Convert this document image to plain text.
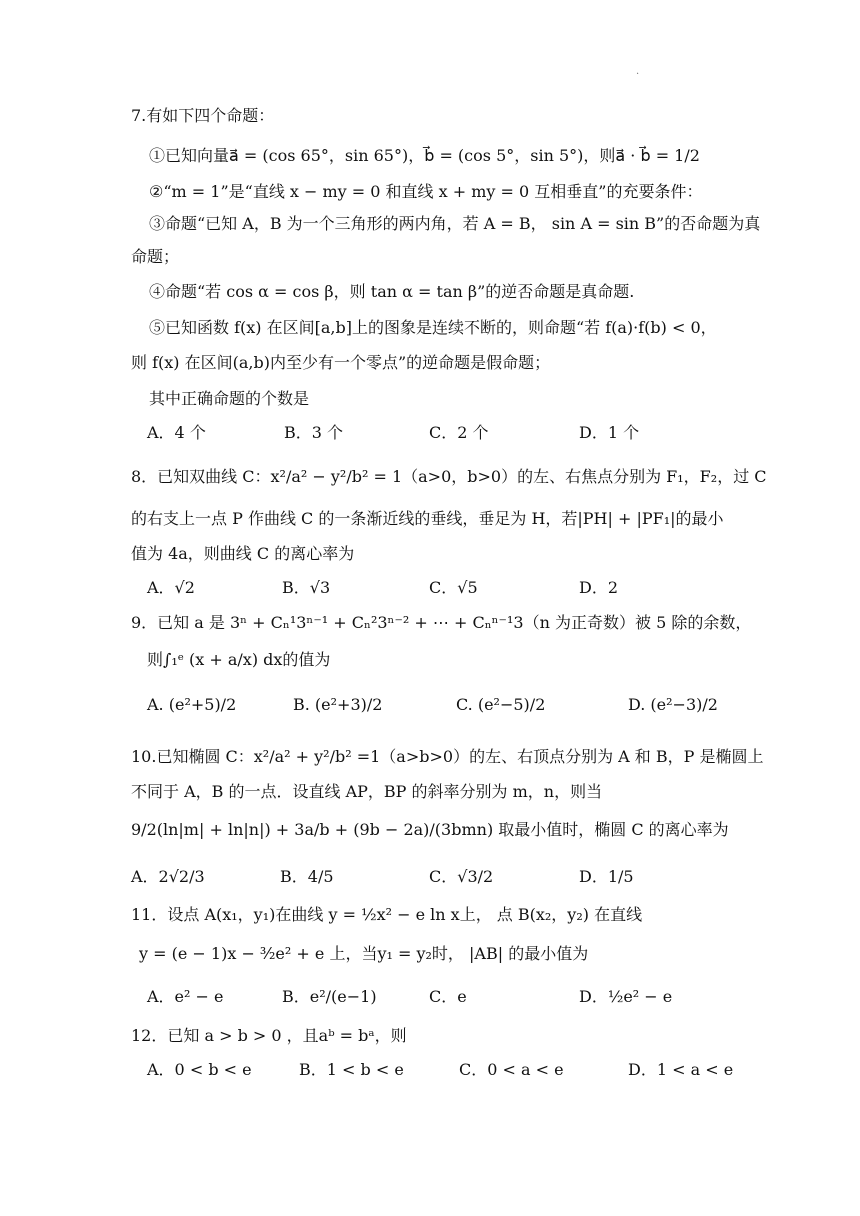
.
7.有如下四个命题：
①已知向量a⃗ = (cos 65°，sin 65°)，b⃗ = (cos 5°，sin 5°)，则a⃗ · b⃗ = 1/2
②“m = 1”是“直线 x − my = 0 和直线 x + my = 0 互相垂直”的充要条件：
③命题“已知 A，B 为一个三角形的两内角，若 A = B， sin A = sin B”的否命题为真
命题；
④命题“若 cos α = cos β，则 tan α = tan β”的逆否命题是真命题.
⑤已知函数 f(x) 在区间[a,b]上的图象是连续不断的，则命题“若 f(a)·f(b) < 0，
则 f(x) 在区间(a,b)内至少有一个零点”的逆命题是假命题；
其中正确命题的个数是
A．4 个	B．3 个	C．2 个	D．1 个
8．已知双曲线 C：x²/a² − y²/b² = 1（a>0，b>0）的左、右焦点分别为 F₁，F₂，过 C
的右支上一点 P 作曲线 C 的一条渐近线的垂线，垂足为 H，若|PH| + |PF₁|的最小
值为 4a，则曲线 C 的离心率为
A．√2	B．√3	C．√5	D．2
9．已知 a 是 3ⁿ + Cₙ¹3ⁿ⁻¹ + Cₙ²3ⁿ⁻² + ⋯ + Cₙⁿ⁻¹3（n 为正奇数）被 5 除的余数，
则∫₁ᵉ (x + a/x) dx的值为
A. (e²+5)/2	B. (e²+3)/2	C. (e²−5)/2	D. (e²−3)/2
10.已知椭圆 C：x²/a² + y²/b² =1（a>b>0）的左、右顶点分别为 A 和 B，P 是椭圆上
不同于 A，B 的一点．设直线 AP，BP 的斜率分别为 m，n，则当
9/2(ln|m| + ln|n|) + 3a/b + (9b − 2a)/(3bmn) 取最小值时，椭圆 C 的离心率为
A．2√2/3	B．4/5	C．√3/2	D．1/5
11．设点 A(x₁，y₁)在曲线 y = ½x² − e ln x上， 点 B(x₂，y₂) 在直线
y = (e − 1)x − ³⁄₂e² + e 上，当y₁ = y₂时， |AB| 的最小值为
A．e² − e	B．e²/(e−1)	C．e	D．½e² − e
12．已知 a > b > 0 ，且aᵇ = bᵃ，则
A．0 < b < e	B．1 < b < e	C．0 < a < e	D．1 < a < e
